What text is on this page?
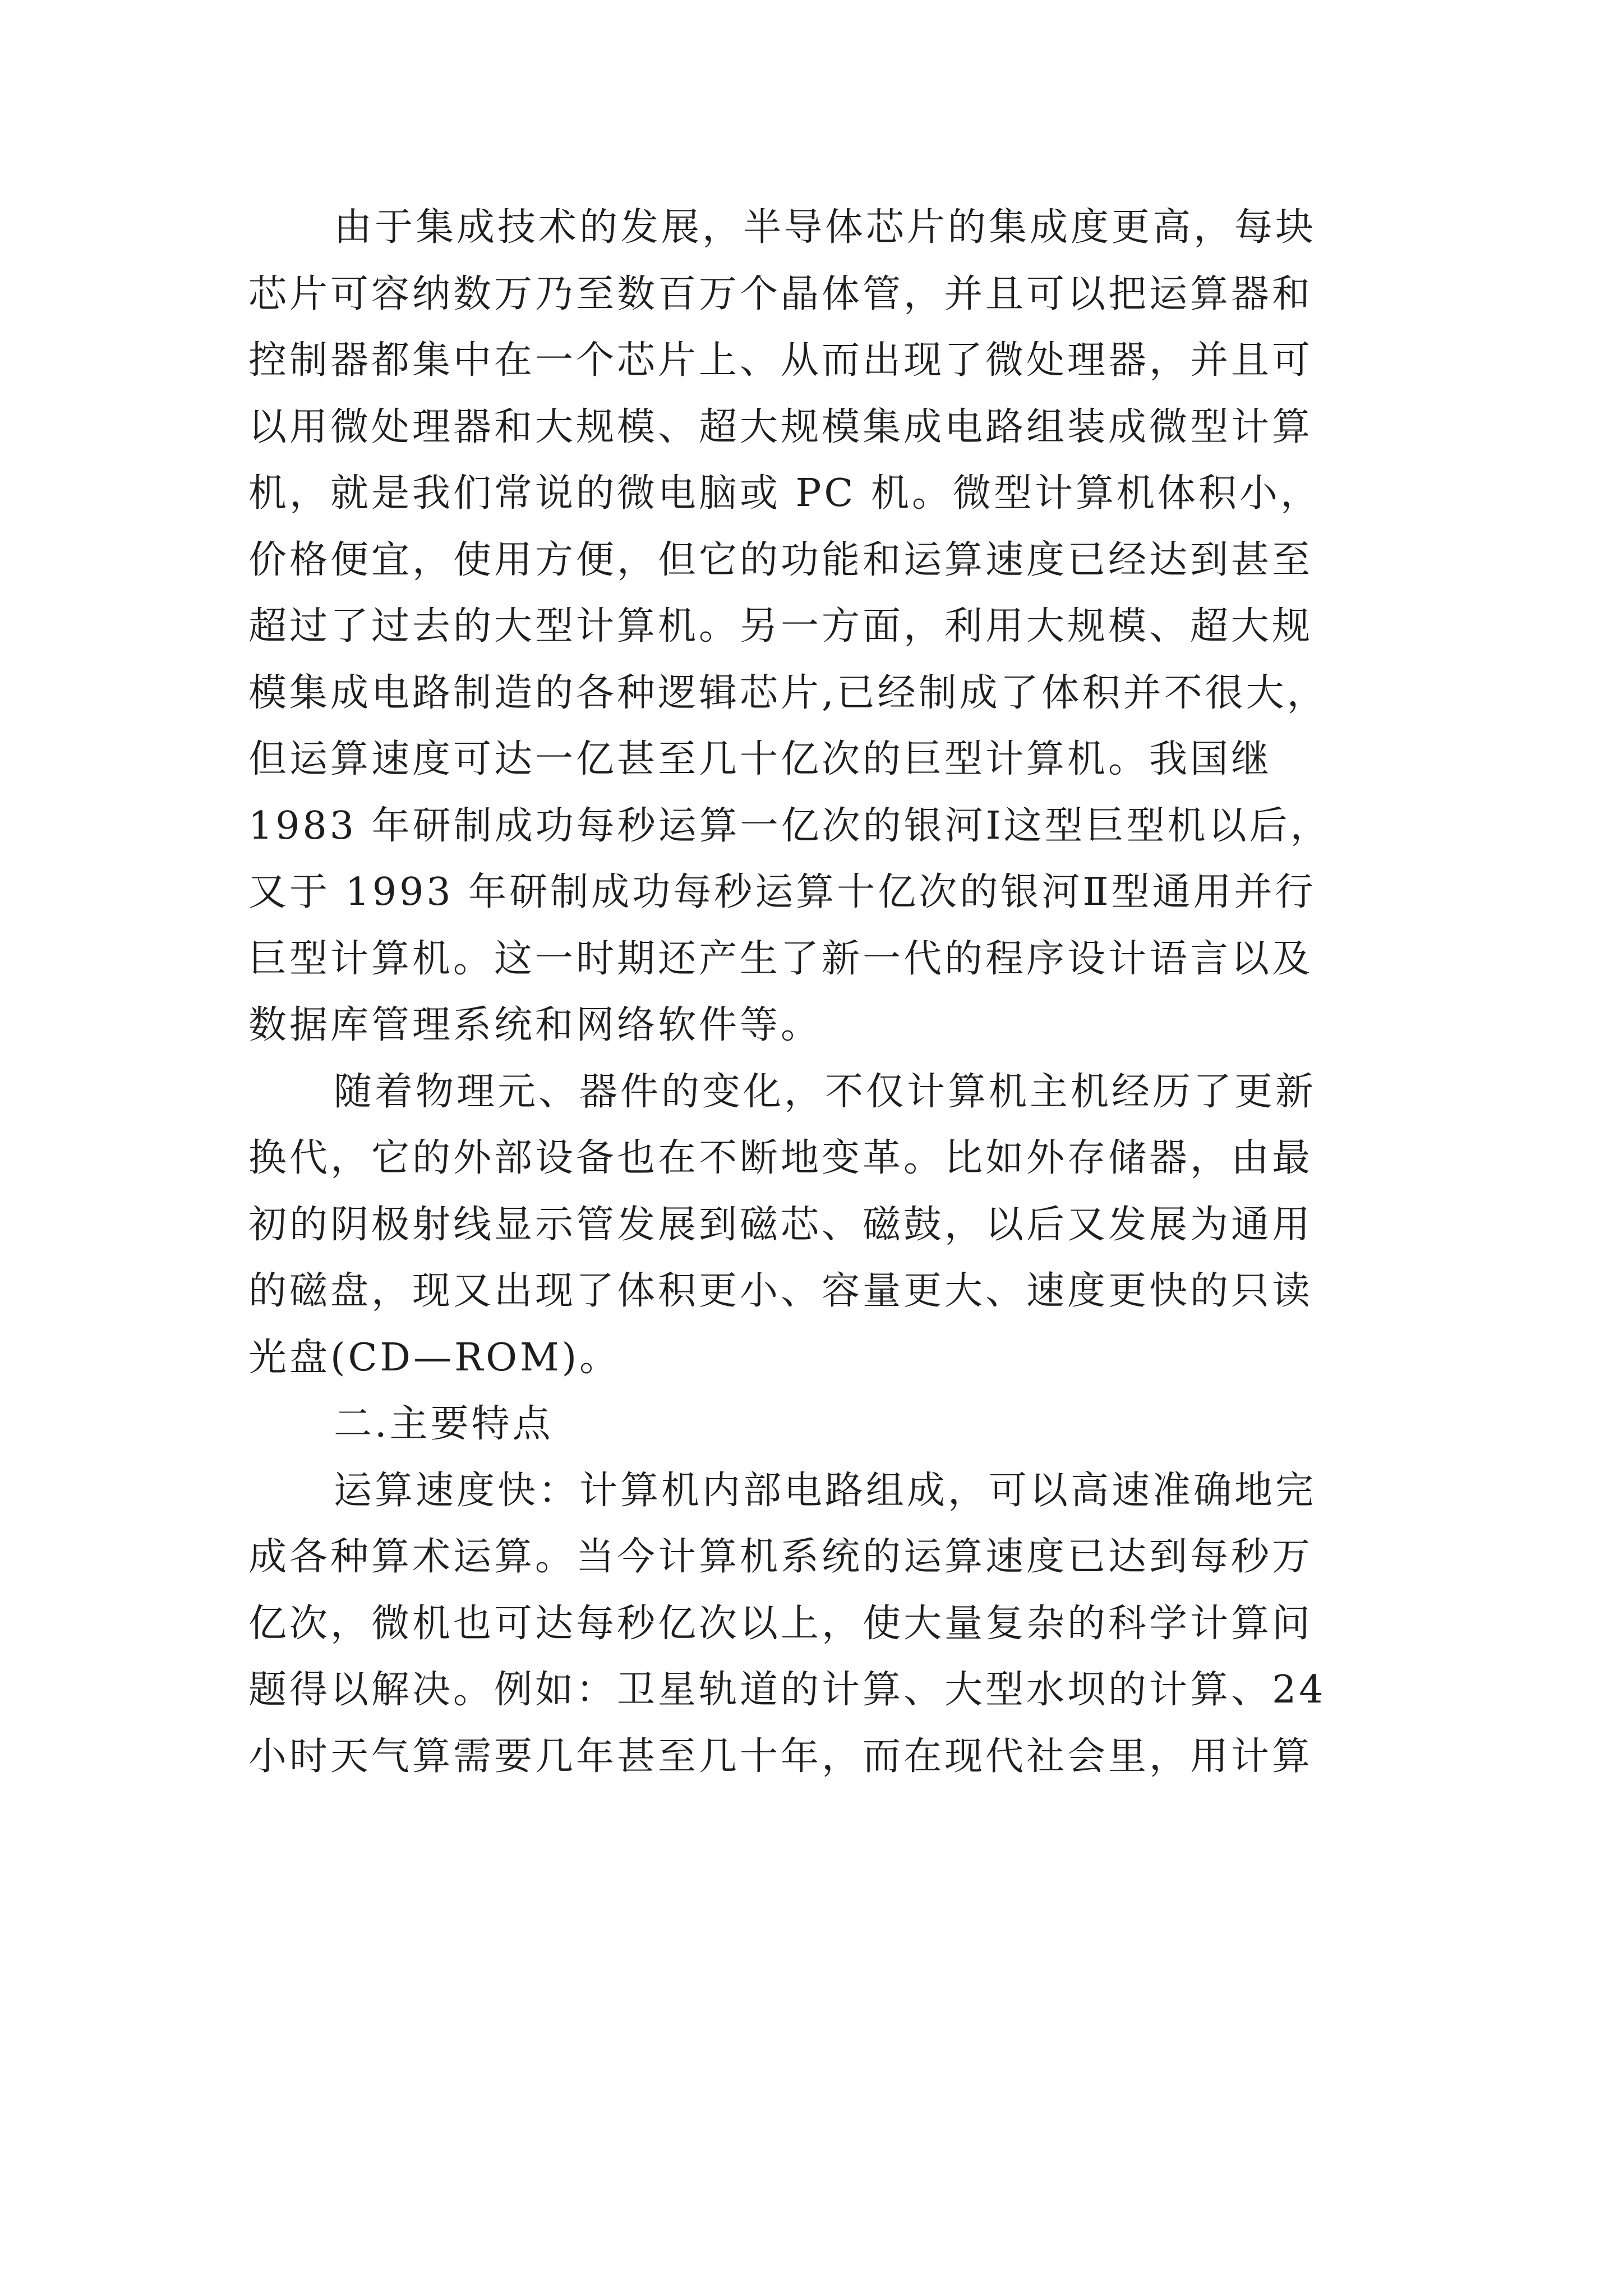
由于集成技术的发展，半导体芯片的集成度更高，每块
芯片可容纳数万乃至数百万个晶体管，并且可以把运算器和
控制器都集中在一个芯片上、从而出现了微处理器，并且可
以用微处理器和大规模、超大规模集成电路组装成微型计算
机，就是我们常说的微电脑或 PC 机。微型计算机体积小，
价格便宜，使用方便，但它的功能和运算速度已经达到甚至
超过了过去的大型计算机。另一方面，利用大规模、超大规
模集成电路制造的各种逻辑芯片,已经制成了体积并不很大，
但运算速度可达一亿甚至几十亿次的巨型计算机。我国继
1983 年研制成功每秒运算一亿次的银河Ⅰ这型巨型机以后，
又于 1993 年研制成功每秒运算十亿次的银河Ⅱ型通用并行
巨型计算机。这一时期还产生了新一代的程序设计语言以及
数据库管理系统和网络软件等。
随着物理元、器件的变化，不仅计算机主机经历了更新
换代，它的外部设备也在不断地变革。比如外存储器，由最
初的阴极射线显示管发展到磁芯、磁鼓，以后又发展为通用
的磁盘，现又出现了体积更小、容量更大、速度更快的只读
光盘(CD—ROM)。
二.主要特点
运算速度快：计算机内部电路组成，可以高速准确地完
成各种算术运算。当今计算机系统的运算速度已达到每秒万
亿次，微机也可达每秒亿次以上，使大量复杂的科学计算问
题得以解决。例如：卫星轨道的计算、大型水坝的计算、24
小时天气算需要几年甚至几十年，而在现代社会里，用计算
